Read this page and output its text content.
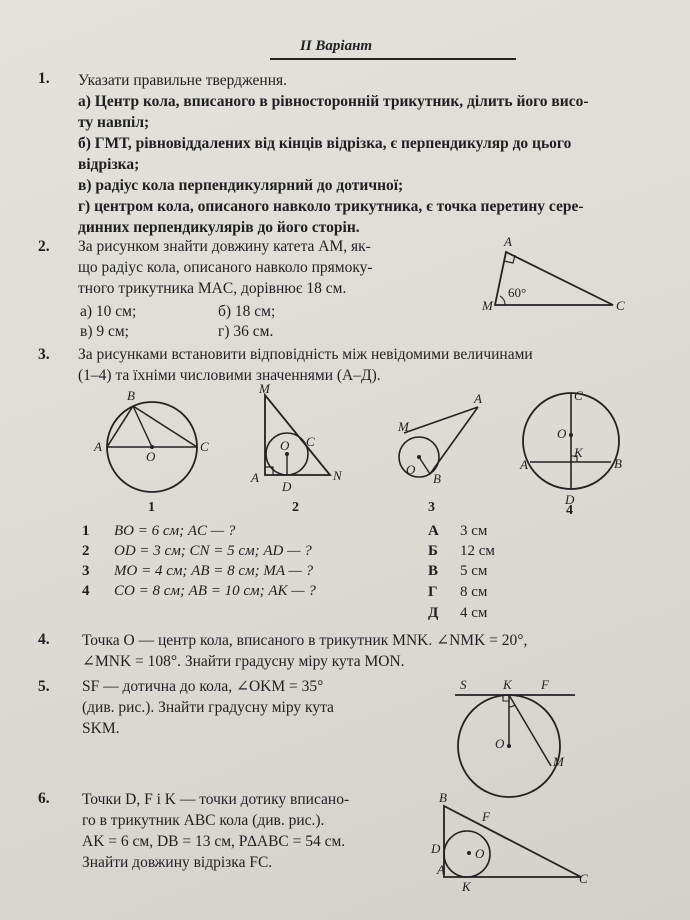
II Варіант
1. Указати правильне твердження.
а) Центр кола, вписаного в рівносторонній трикутник, ділить його висо-
ту навпіл;
б) ГМТ, рівновіддалених від кінців відрізка, є перпендикуляр до цього
відрізка;
в) радіус кола перпендикулярний до дотичної;
г) центром кола, описаного навколо трикутника, є точка перетину сере-
динних перпендикулярів до його сторін.
2. За рисунком знайти довжину катета AM, як-
що радіус кола, описаного навколо прямоку-
тного трикутника MAC, дорівнює 18 см.
а) 10 см;	б) 18 см;
в) 9 см;	г) 36 см.
A
M	C
60°
3. За рисунками встановити відповідність між невідомими величинами
(1–4) та їхніми числовими значеннями (А–Д).
B
A
O
C
1
M
O C
A
D
N
2
M
A
O
B
3
C
O
K
A	B
D
4
1 BO = 6 см; AC — ?
2 OD = 3 см; CN = 5 см; AD — ?
3 MO = 4 см; AB = 8 см; MA — ?
4 CO = 8 см; AB = 10 см; AK — ?
А 3 см
Б 12 см
В 5 см
Г 8 см
Д 4 см
4. Точка O — центр кола, вписаного в трикутник MNK. ∠NMK = 20°,
∠MNK = 108°. Знайти градусну міру кута MON.
5. SF — дотична до кола, ∠OKM = 35°
(див. рис.). Знайти градусну міру кута
SKM.
S	K F
O
M
6. Точки D, F і K — точки дотику вписано-
го в трикутник ABC кола (див. рис.).
AK = 6 см, DB = 13 см, P∆ABC = 54 см.
Знайти довжину відрізка FC.
B
F
D	O
A
K
C
